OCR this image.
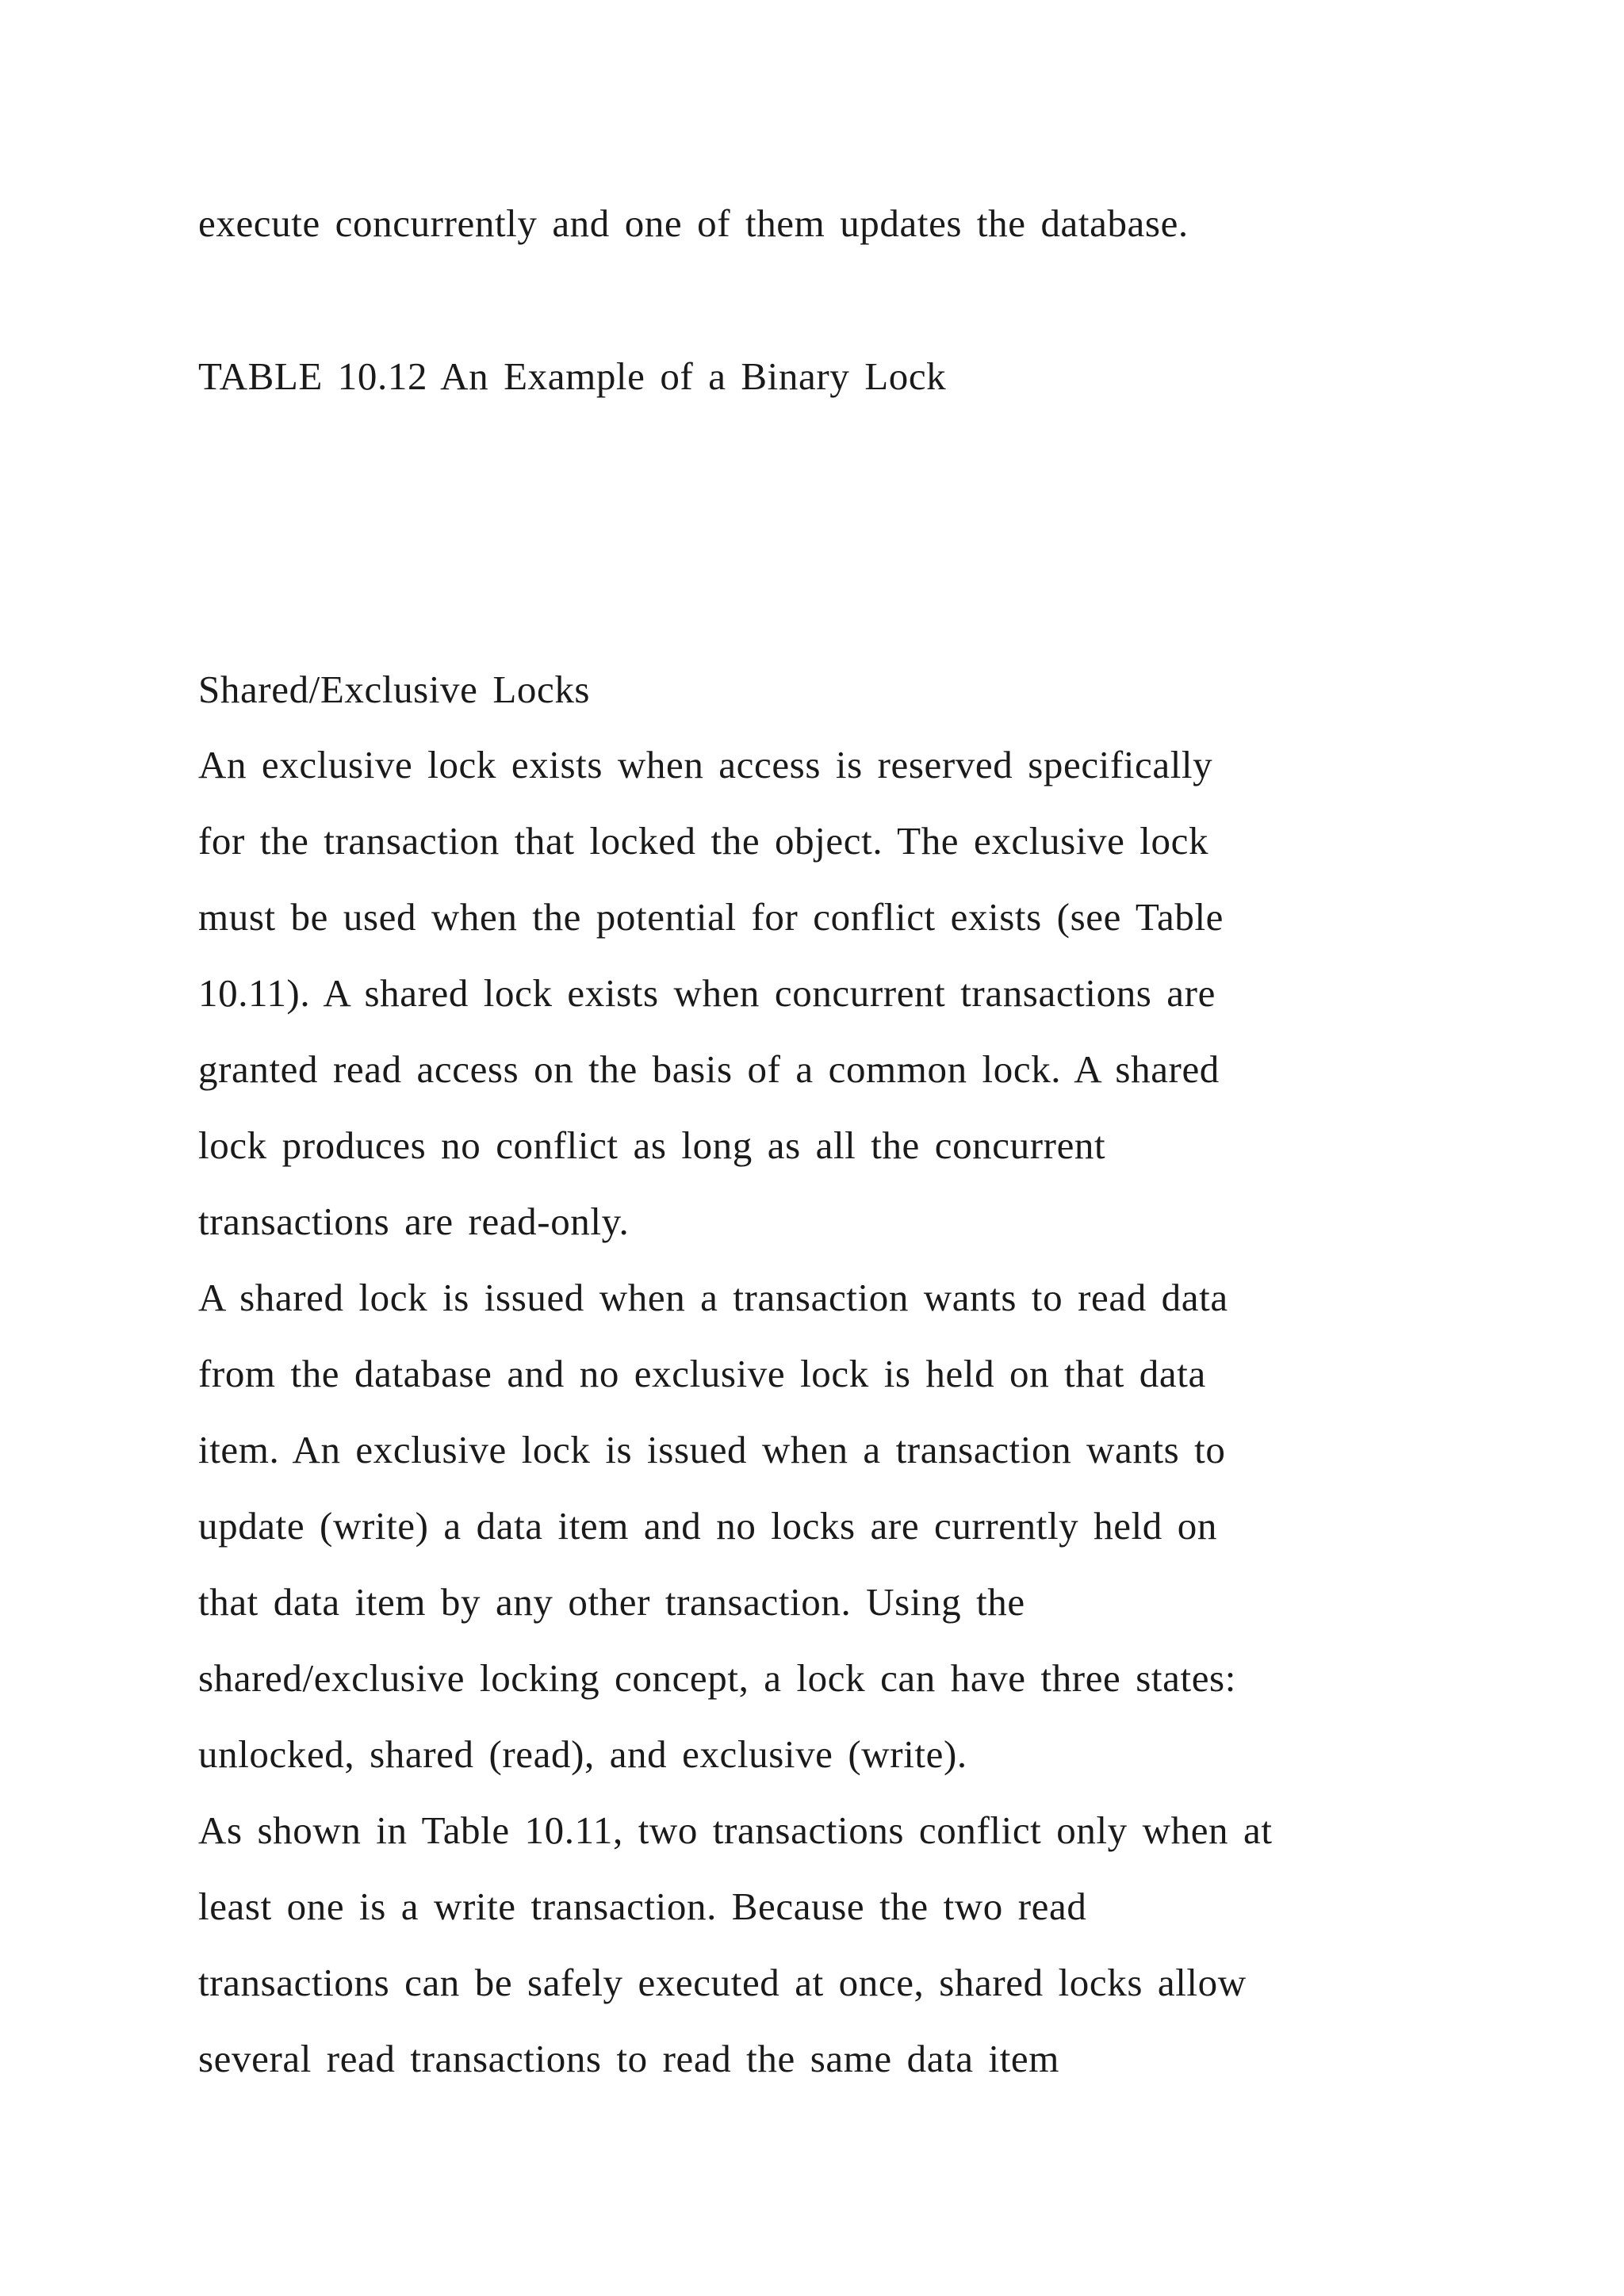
execute concurrently and one of them updates the database.

TABLE 10.12 An Example of a Binary Lock

Shared/Exclusive Locks

An exclusive lock exists when access is reserved specifically

for the transaction that locked the object. The exclusive lock

must be used when the potential for conflict exists (see Table

10.11). A shared lock exists when concurrent transactions are

granted read access on the basis of a common lock. A shared

lock produces no conflict as long as all the concurrent

transactions are read-only.

A shared lock is issued when a transaction wants to read data

from the database and no exclusive lock is held on that data

item. An exclusive lock is issued when a transaction wants to

update (write) a data item and no locks are currently held on

that data item by any other transaction. Using the

shared/exclusive locking concept, a lock can have three states:

unlocked, shared (read), and exclusive (write).

As shown in Table 10.11, two transactions conflict only when at

least one is a write transaction. Because the two read

transactions can be safely executed at once, shared locks allow

several read transactions to read the same data item
